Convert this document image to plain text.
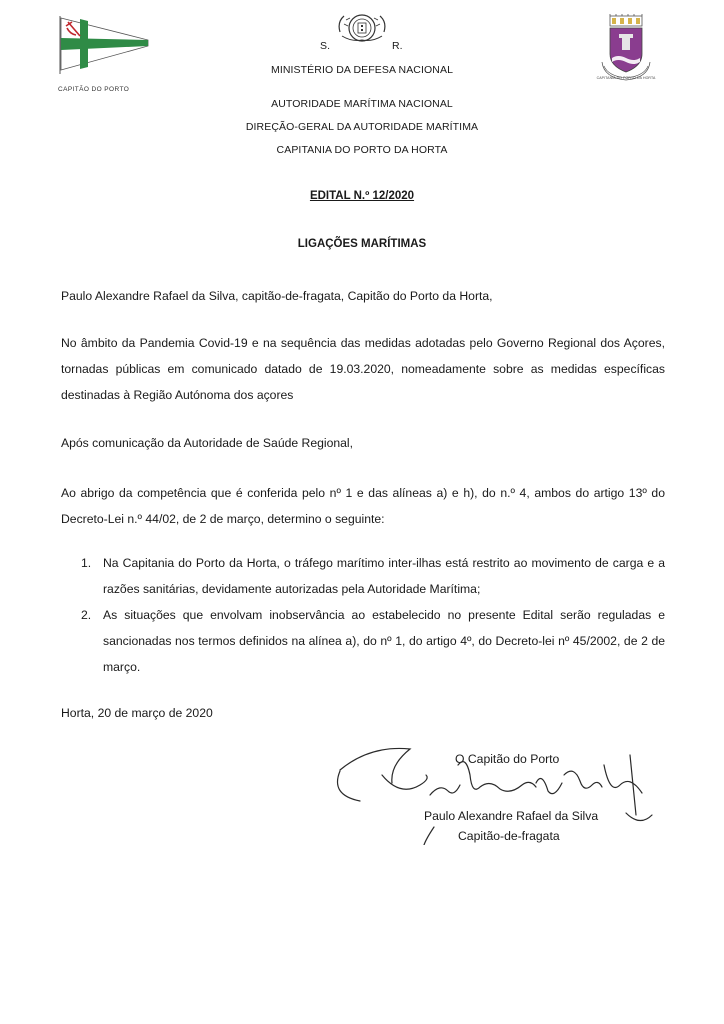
CAPITÃO DO PORTO
S.	R.
MINISTÉRIO DA DEFESA NACIONAL
CAPITANIA DO PORTO DA HORTA
AUTORIDADE MARÍTIMA NACIONAL
DIREÇÃO-GERAL DA AUTORIDADE MARÍTIMA
CAPITANIA DO PORTO DA HORTA
EDITAL N.º 12/2020
LIGAÇÕES MARÍTIMAS
Paulo Alexandre Rafael da Silva, capitão-de-fragata, Capitão do Porto da Horta,
No âmbito da Pandemia Covid-19 e na sequência das medidas adotadas pelo Governo Regional dos Açores, tornadas públicas em comunicado datado de 19.03.2020, nomeadamente sobre as medidas específicas destinadas à Região Autónoma dos açores
Após comunicação da Autoridade de Saúde Regional,
Ao abrigo da competência que é conferida pelo nº 1 e das alíneas a) e h), do n.º 4, ambos do artigo 13º do Decreto-Lei n.º 44/02, de 2 de março, determino o seguinte:
1. Na Capitania do Porto da Horta, o tráfego marítimo inter-ilhas está restrito ao movimento de carga e a razões sanitárias, devidamente autorizadas pela Autoridade Marítima;
2. As situações que envolvam inobservância ao estabelecido no presente Edital serão reguladas e sancionadas nos termos definidos na alínea a), do nº 1, do artigo 4º, do Decreto-lei nº 45/2002, de 2 de março.
Horta, 20 de março de 2020
O Capitão do Porto
Paulo Alexandre Rafael da Silva
Capitão-de-fragata
